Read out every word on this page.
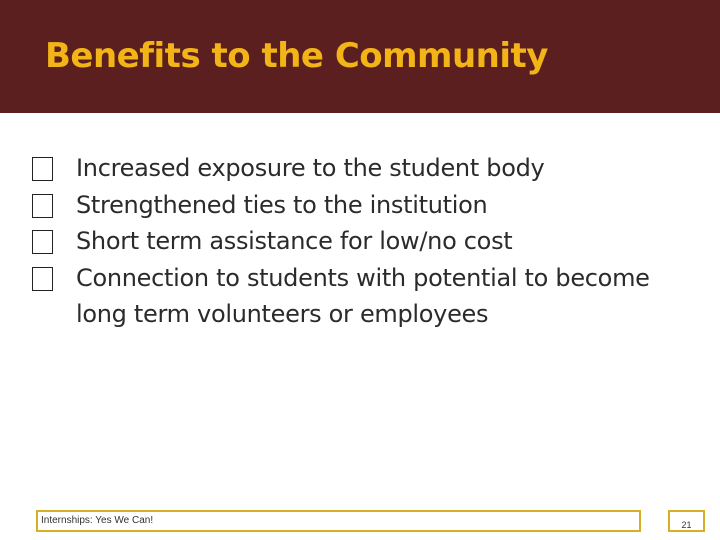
Benefits to the Community
Increased exposure to the student body
Strengthened ties to the institution
Short term assistance for low/no cost
Connection to students with potential to become long term volunteers or employees
Internships: Yes We Can!	21
